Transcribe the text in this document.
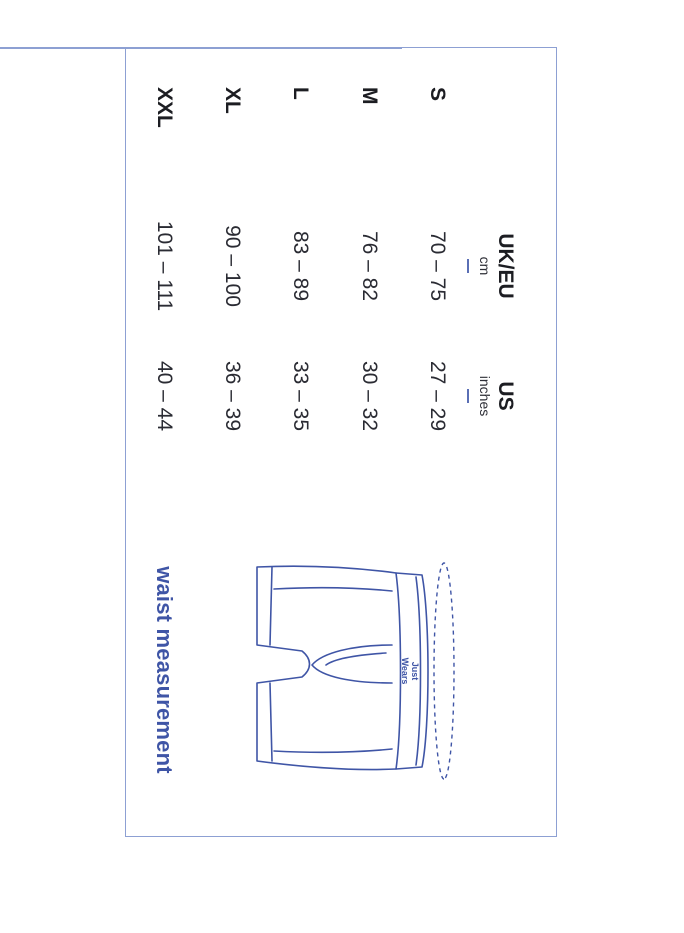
UK/EU
cm
US
inches
S
70 – 75
27 – 29
M
76 – 82
30 – 32
L
83 – 89
33 – 35
XL
90 – 100
36 – 39
XXL
101 – 111
40 – 44
Just
Wears
waist measurement
